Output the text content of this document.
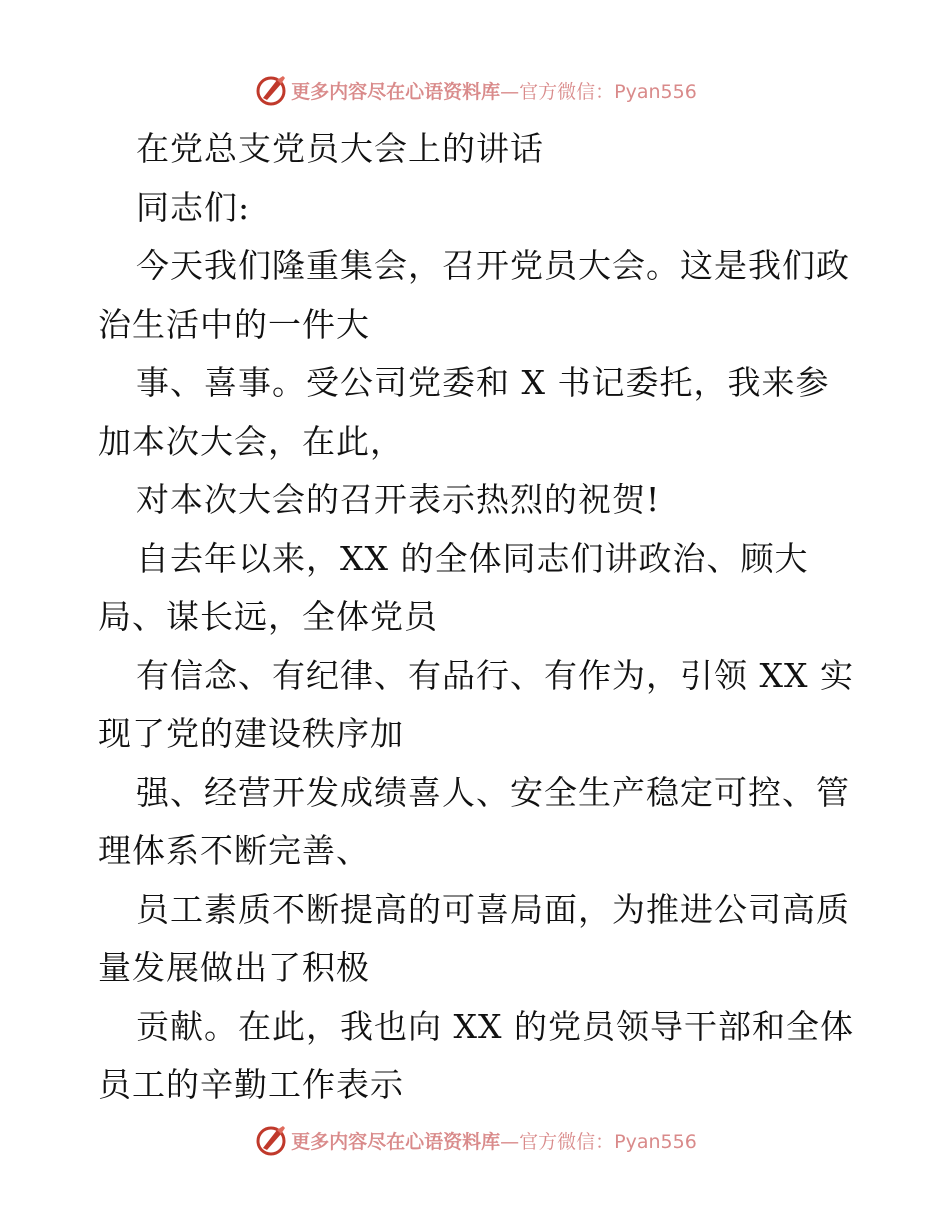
更多内容尽在心语资料库—官方微信：Pyan556
在党总支党员大会上的讲话
同志们:
今天我们隆重集会，召开党员大会。这是我们政
治生活中的一件大
事、喜事。受公司党委和 X 书记委托，我来参
加本次大会，在此，
对本次大会的召开表示热烈的祝贺!
自去年以来，XX 的全体同志们讲政治、顾大
局、谋长远，全体党员
有信念、有纪律、有品行、有作为，引领 XX 实
现了党的建设秩序加
强、经营开发成绩喜人、安全生产稳定可控、管
理体系不断完善、
员工素质不断提高的可喜局面，为推进公司高质
量发展做出了积极
贡献。在此，我也向 XX 的党员领导干部和全体
员工的辛勤工作表示
更多内容尽在心语资料库—官方微信：Pyan556
